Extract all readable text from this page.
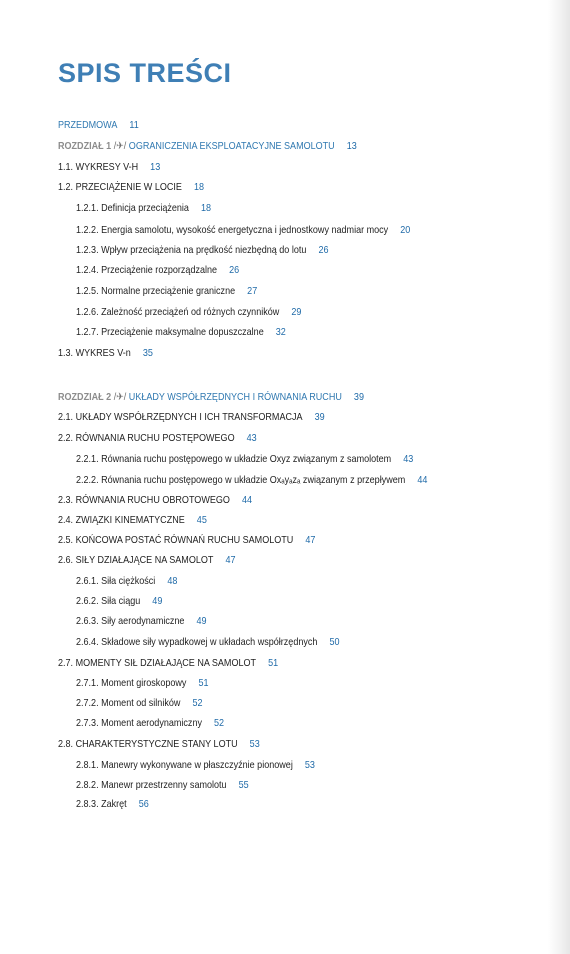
SPIS TREŚCI
PRZEDMOWA 11
ROZDZIAŁ 1 /✈/ OGRANICZENIA EKSPLOATACYJNE SAMOLOTU 13
1.1. WYKRESY V-H 13
1.2. PRZECIĄŻENIE W LOCIE 18
1.2.1. Definicja przeciążenia 18
1.2.2. Energia samolotu, wysokość energetyczna i jednostkowy nadmiar mocy 20
1.2.3. Wpływ przeciążenia na prędkość niezbędną do lotu 26
1.2.4. Przeciążenie rozporządzalne 26
1.2.5. Normalne przeciążenie graniczne 27
1.2.6. Zależność przeciążeń od różnych czynników 29
1.2.7. Przeciążenie maksymalne dopuszczalne 32
1.3. WYKRES V-n 35
ROZDZIAŁ 2 /✈/ UKŁADY WSPÓŁRZĘDNYCH I RÓWNANIA RUCHU 39
2.1. UKŁADY WSPÓŁRZĘDNYCH I ICH TRANSFORMACJA 39
2.2. RÓWNANIA RUCHU POSTĘPOWEGO 43
2.2.1. Równania ruchu postępowego w układzie Oxyz związanym z samolotem 43
2.2.2. Równania ruchu postępowego w układzie Oxₐyₐzₐ związanym z przepływem 44
2.3. RÓWNANIA RUCHU OBROTOWEGO 44
2.4. ZWIĄZKI KINEMATYCZNE 45
2.5. KOŃCOWA POSTAĆ RÓWNAŃ RUCHU SAMOLOTU 47
2.6. SIŁY DZIAŁAJĄCE NA SAMOLOT 47
2.6.1. Siła ciężkości 48
2.6.2. Siła ciągu 49
2.6.3. Siły aerodynamiczne 49
2.6.4. Składowe siły wypadkowej w układach współrzędnych 50
2.7. MOMENTY SIŁ DZIAŁAJĄCE NA SAMOLOT 51
2.7.1. Moment giroskopowy 51
2.7.2. Moment od silników 52
2.7.3. Moment aerodynamiczny 52
2.8. CHARAKTERYSTYCZNE STANY LOTU 53
2.8.1. Manewry wykonywane w płaszczyźnie pionowej 53
2.8.2. Manewr przestrzenny samolotu 55
2.8.3. Zakręt 56
